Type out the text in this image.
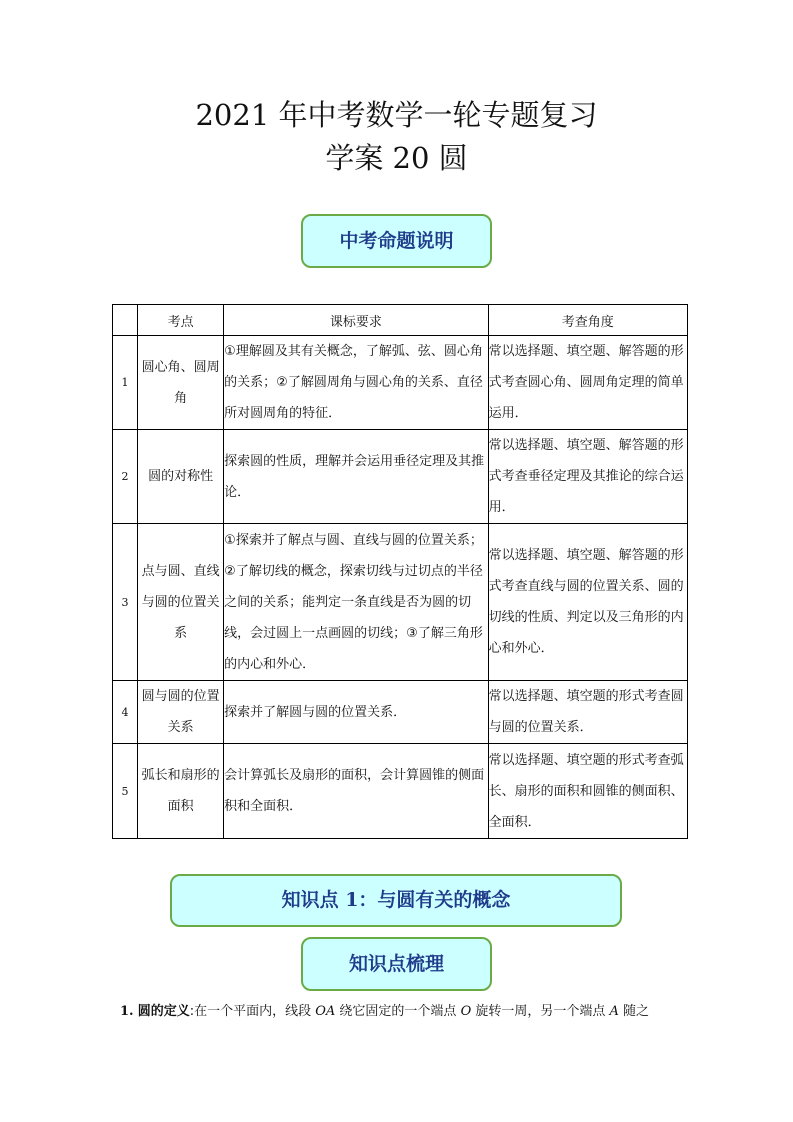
2021 年中考数学一轮专题复习
学案 20 圆
中考命题说明
	考点	课标要求	考查角度
1	圆心角、圆周角	①理解圆及其有关概念，了解弧、弦、圆心角的关系；②了解圆周角与圆心角的关系、直径所对圆周角的特征．	常以选择题、填空题、解答题的形式考查圆心角、圆周角定理的简单运用．
2	圆的对称性	探索圆的性质，理解并会运用垂径定理及其推论．	常以选择题、填空题、解答题的形式考查垂径定理及其推论的综合运用．
3	点与圆、直线与圆的位置关系	①探索并了解点与圆、直线与圆的位置关系；②了解切线的概念，探索切线与过切点的半径之间的关系；能判定一条直线是否为圆的切线，会过圆上一点画圆的切线；③了解三角形的内心和外心．	常以选择题、填空题、解答题的形式考查直线与圆的位置关系、圆的切线的性质、判定以及三角形的内心和外心．
4	圆与圆的位置关系	探索并了解圆与圆的位置关系．	常以选择题、填空题的形式考查圆与圆的位置关系．
5	弧长和扇形的面积	会计算弧长及扇形的面积，会计算圆锥的侧面积和全面积．	常以选择题、填空题的形式考查弧长、扇形的面积和圆锥的侧面积、全面积．
知识点 1：与圆有关的概念
知识点梳理
1. 圆的定义:在一个平面内，线段 OA 绕它固定的一个端点 O 旋转一周，另一个端点 A 随之
